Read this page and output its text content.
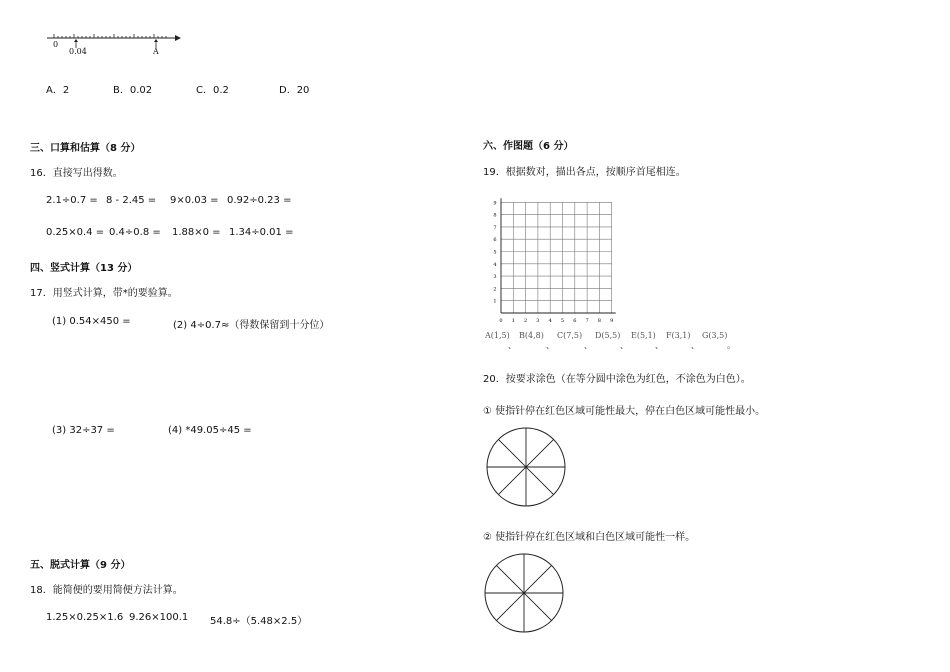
0
0.04	A
A．2	B．0.02	C．0.2	D．20
三、口算和估算（8 分）
16．直接写出得数。
2.1÷0.7 = 8 - 2.45 = 9×0.03 = 0.92÷0.23 =
0.25×0.4 = 0.4÷0.8 = 1.88×0 = 1.34÷0.01 =
四、竖式计算（13 分）
17．用竖式计算，带*的要验算。
(1) 0.54×450 =	(2) 4÷0.7≈（得数保留到十分位）
(3) 32÷37 =	(4) *49.05÷45 =
五、脱式计算（9 分）
18．能简便的要用简便方法计算。
1.25×0.25×1.6 9.26×100.1 54.8÷（5.48×2.5）
六、作图题（6 分）
19．根据数对，描出各点，按顺序首尾相连。
0 1 2 3 4 5 6 7 8 9
1
2
3
4
5
6
7
8
9
A(1,5) B(4,8) C(7,5) D(5,5) E(5,1) F(3,1) G(3,5)
、	、	、	、	、	、	。
20．按要求涂色（在等分圆中涂色为红色，不涂色为白色）。
① 使指针停在红色区域可能性最大，停在白色区域可能性最小。
② 使指针停在红色区域和白色区域可能性一样。
